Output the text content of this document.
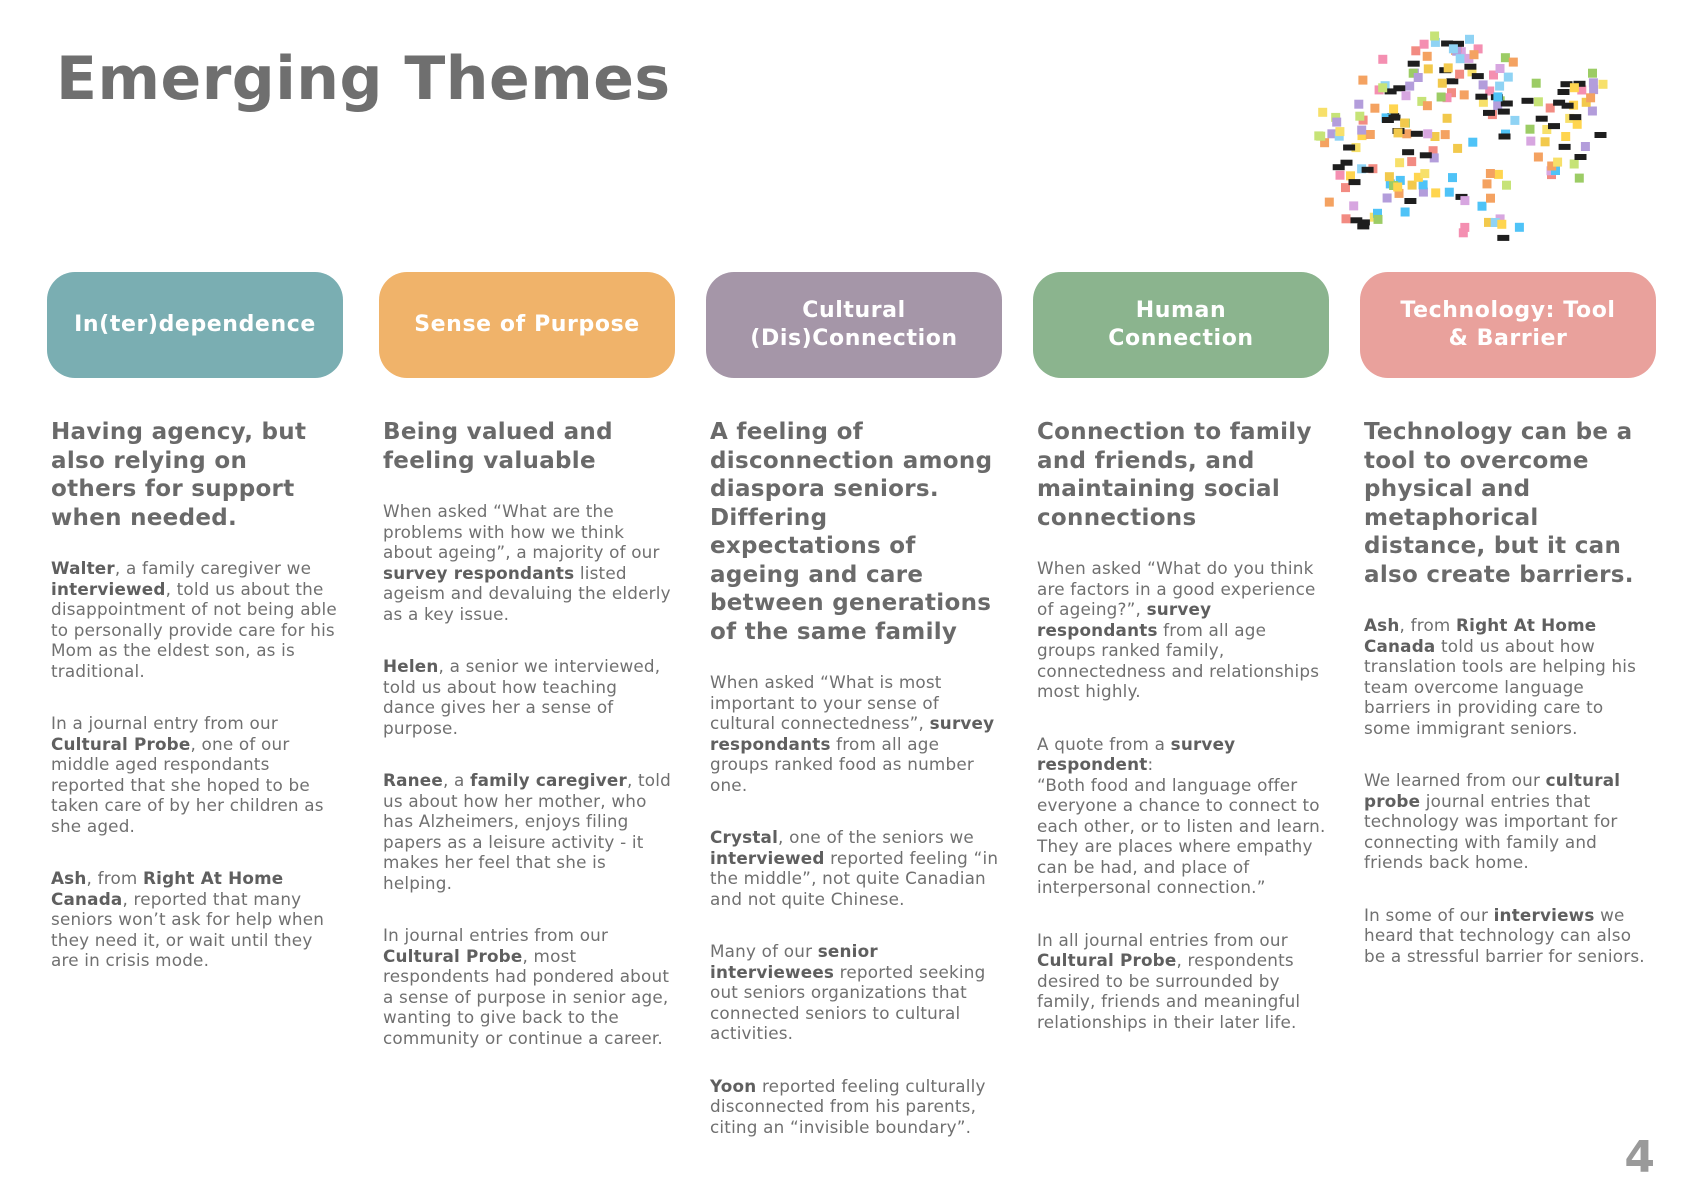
Emerging Themes
In(ter)dependence

Having agency, but also relying on others for support when needed.

Walter, a family caregiver we interviewed, told us about the disappointment of not being able to personally provide care for his Mom as the eldest son, as is traditional.

In a journal entry from our Cultural Probe, one of our middle aged respondants reported that she hoped to be taken care of by her children as she aged.

Ash, from Right At Home Canada, reported that many seniors won’t ask for help when they need it, or wait until they are in crisis mode.

Sense of Purpose

Being valued and feeling valuable

When asked “What are the problems with how we think about ageing”, a majority of our survey respondants listed ageism and devaluing the elderly as a key issue.

Helen, a senior we interviewed, told us about how teaching dance gives her a sense of purpose.

Ranee, a family caregiver, told us about how her mother, who has Alzheimers, enjoys filing papers as a leisure activity - it makes her feel that she is helping.

In journal entries from our Cultural Probe, most respondents had pondered about a sense of purpose in senior age, wanting to give back to the community or continue a career.

Cultural
(Dis)Connection

A feeling of disconnection among diaspora seniors. Differing expectations of ageing and care between generations of the same family

When asked “What is most important to your sense of cultural connectedness”, survey respondants from all age groups ranked food as number one.

Crystal, one of the seniors we interviewed reported feeling “in the middle”, not quite Canadian and not quite Chinese.

Many of our senior interviewees reported seeking out seniors organizations that connected seniors to cultural activities.

Yoon reported feeling culturally disconnected from his parents, citing an “invisible boundary”.

Human
Connection

Connection to family and friends, and maintaining social connections

When asked “What do you think are factors in a good experience of ageing?”, survey respondants from all age groups ranked family, connectedness and relationships most highly.

A quote from a survey respondent:
“Both food and language offer everyone a chance to connect to each other, or to listen and learn. They are places where empathy can be had, and place of interpersonal connection.”

In all journal entries from our Cultural Probe, respondents desired to be surrounded by family, friends and meaningful relationships in their later life.

Technology: Tool
& Barrier

Technology can be a tool to overcome physical and metaphorical distance, but it can also create barriers.

Ash, from Right At Home Canada told us about how translation tools are helping his team overcome language barriers in providing care to some immigrant seniors.

We learned from our cultural probe journal entries that technology was important for connecting with family and friends back home.

In some of our interviews we heard that technology can also be a stressful barrier for seniors.

4
